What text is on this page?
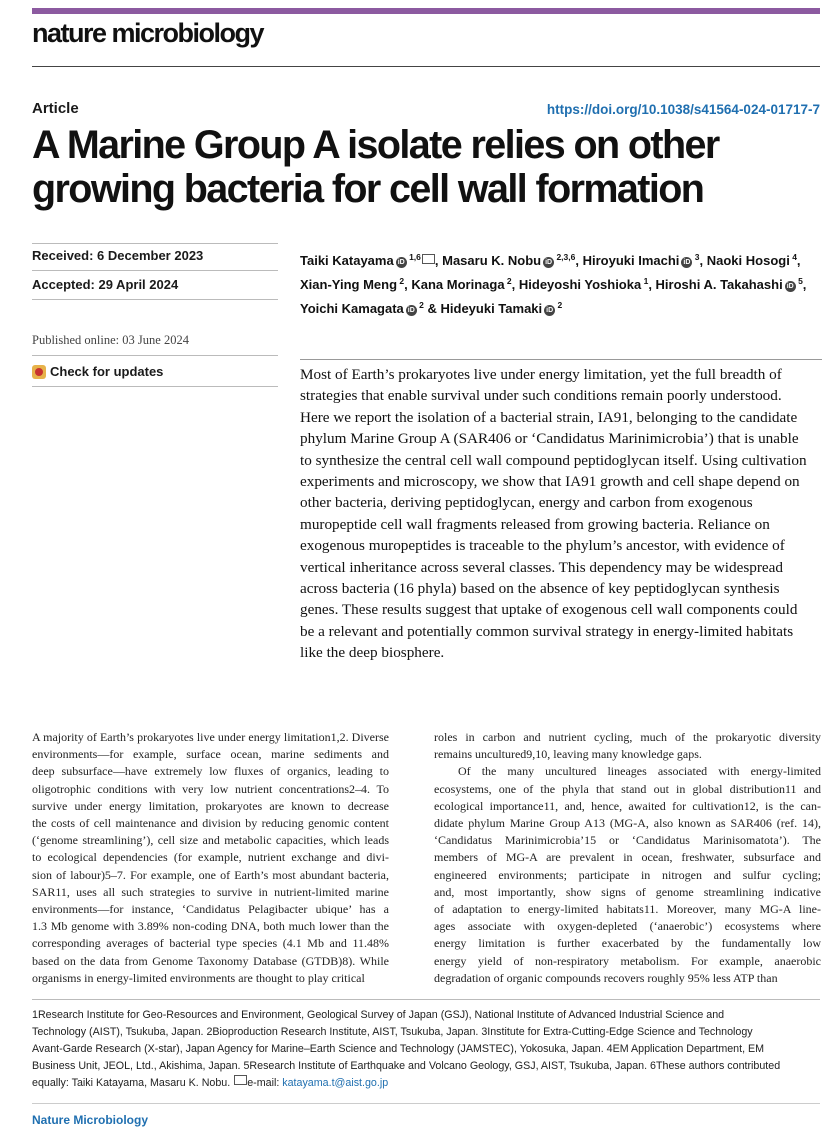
nature microbiology
Article	https://doi.org/10.1038/s41564-024-01717-7
A Marine Group A isolate relies on other
growing bacteria for cell wall formation
Received: 6 December 2023
Accepted: 29 April 2024
Published online: 03 June 2024
Check for updates
Taiki Katayama iD $^{1,6}$ , Masaru K. Nobu iD $^{2,3,6}$, Hiroyuki Imachi iD $^3$, Naoki Hosogi $^4$, Xian-Ying Meng $^2$, Kana Morinaga $^2$, Hideyoshi Yoshioka $^1$, Hiroshi A. Takahashi iD $^5$, Yoichi Kamagata iD $^2$ & Hideyuki Tamaki iD $^2$

Most of Earth’s prokaryotes live under energy limitation, yet the full breadth of strategies that enable survival under such conditions remain poorly understood. Here we report the isolation of a bacterial strain, IA91, belonging to the candidate phylum Marine Group A (SAR406 or ‘Candidatus Marinimicrobia’) that is unable to synthesize the central cell wall compound peptidoglycan itself. Using cultivation experiments and microscopy, we show that IA91 growth and cell shape depend on other bacteria, deriving peptidoglycan, energy and carbon from exogenous muropeptide cell wall fragments released from growing bacteria. Reliance on exogenous muropeptides is traceable to the phylum’s ancestor, with evidence of vertical inheritance across several classes. This dependency may be widespread across bacteria (16 phyla) based on the absence of key peptidoglycan synthesis genes. These results suggest that uptake of exogenous cell wall components could be a relevant and potentially common survival strategy in energy-limited habitats like the deep biosphere.

A majority of Earth’s prokaryotes live under energy limitation1,2. Diverse
environments—for example, surface ocean, marine sediments and
deep subsurface—have extremely low fluxes of organics, leading to
oligotrophic conditions with very low nutrient concentrations2–4. To
survive under energy limitation, prokaryotes are known to decrease
the costs of cell maintenance and division by reducing genomic content
(‘genome streamlining’), cell size and metabolic capacities, which leads
to ecological dependencies (for example, nutrient exchange and divi-
sion of labour)5–7. For example, one of Earth’s most abundant bacteria,
SAR11, uses all such strategies to survive in nutrient-limited marine
environments—for instance, ‘Candidatus Pelagibacter ubique’ has a
1.3 Mb genome with 3.89% non-coding DNA, both much lower than the
corresponding averages of bacterial type species (4.1 Mb and 11.48%
based on the data from Genome Taxonomy Database (GTDB)8). While
organisms in energy-limited environments are thought to play critical
roles in carbon and nutrient cycling, much of the prokaryotic diversity
remains uncultured9,10, leaving many knowledge gaps.
Of the many uncultured lineages associated with energy-limited
ecosystems, one of the phyla that stand out in global distribution11 and
ecological importance11, and, hence, awaited for cultivation12, is the can-
didate phylum Marine Group A13 (MG-A, also known as SAR406 (ref. 14),
‘Candidatus Marinimicrobia’15 or ‘Candidatus Marinisomatota’). The
members of MG-A are prevalent in ocean, freshwater, subsurface and
engineered environments; participate in nitrogen and sulfur cycling;
and, most importantly, show signs of genome streamlining indicative
of adaptation to energy-limited habitats11. Moreover, many MG-A line-
ages associate with oxygen-depleted (‘anaerobic’) ecosystems where
energy limitation is further exacerbated by the fundamentally low
energy yield of non-respiratory metabolism. For example, anaerobic
degradation of organic compounds recovers roughly 95% less ATP than
1Research Institute for Geo-Resources and Environment, Geological Survey of Japan (GSJ), National Institute of Advanced Industrial Science and
Technology (AIST), Tsukuba, Japan. 2Bioproduction Research Institute, AIST, Tsukuba, Japan. 3Institute for Extra-Cutting-Edge Science and Technology
Avant-Garde Research (X-star), Japan Agency for Marine–Earth Science and Technology (JAMSTEC), Yokosuka, Japan. 4EM Application Department, EM
Business Unit, JEOL, Ltd., Akishima, Japan. 5Research Institute of Earthquake and Volcano Geology, GSJ, AIST, Tsukuba, Japan. 6These authors contributed
equally: Taiki Katayama, Masaru K. Nobu. e-mail: katayama.t@aist.go.jp
Nature Microbiology
